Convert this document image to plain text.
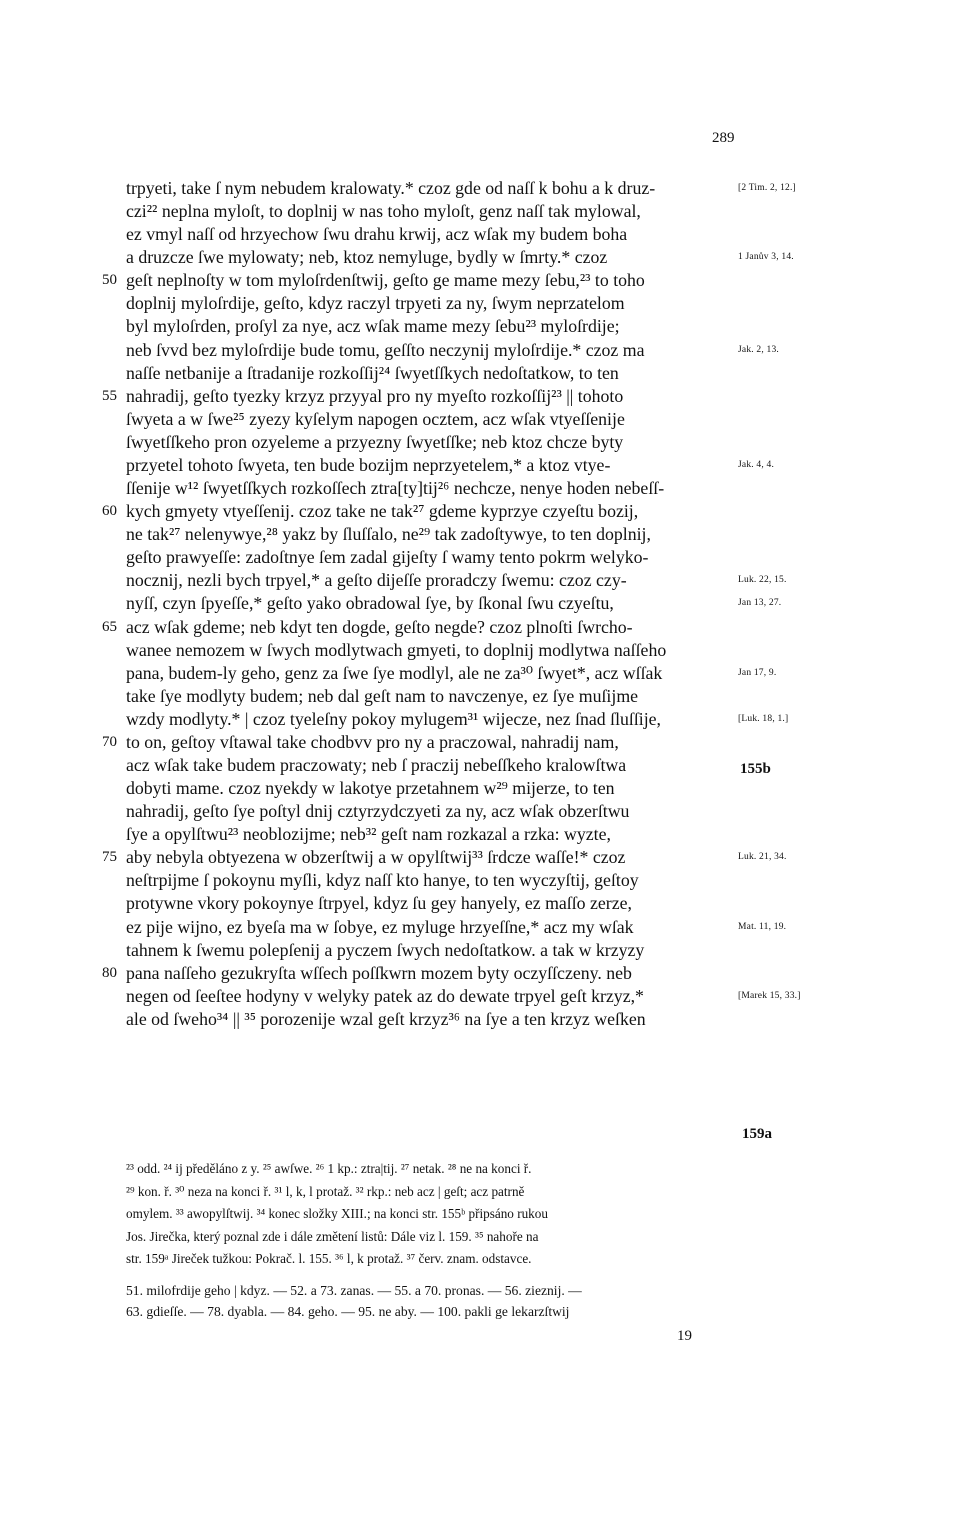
289
trpyeti, take ſ nym nebudem kralowaty.* czoz gde od naſſ k bohu a k druz-
czi²² neplna myloſt, to doplnij w nas toho myloſt, genz naſſ tak mylowal,
ez vmyl naſſ od hrzyechow ſwu drahu krwij, acz wſak my budem boha
a druzcze ſwe mylowaty; neb, ktoz nemyluge, bydly w ſmrty.* czoz
geſt neplnoſty w tom myloſrdenſtwij, geſto ge mame mezy ſebu,²³ to toho
50
doplnij myloſrdije, geſto, kdyz raczyl trpyeti za ny, ſwym neprzatelom
byl myloſrden, proſyl za nye, acz wſak mame mezy ſebu²³ myloſrdije;
neb ſvvd bez myloſrdije bude tomu, geſſto neczynij myloſrdije.* czoz ma
naſſe netbanije a ſtradanije rozkoſſij²⁴ ſwyetſſkych nedoſtatkow, to ten
nahradij, geſto tyezky krzyz przyyal pro ny myeſto rozkoſſij²³ || tohoto
55
ſwyeta a w ſwe²⁵ zyezy kyſelym napogen ocztem, acz wſak vtyeſſenije
ſwyetſſkeho pron ozyeleme a przyezny ſwyetſſke; neb ktoz chcze byty
przyetel tohoto ſwyeta, ten bude bozijm neprzyetelem,* a ktoz vtye-
ſſenije w¹² ſwyetſſkych rozkoſſech ztra[ty]tij²⁶ nechcze, nenye hoden nebeſſ-
kych gmyety vtyeſſenij. czoz take ne tak²⁷ gdeme kyprzye czyeſtu bozij,
60
ne tak²⁷ nelenywye,²⁸ yakz by ſluſſalo, ne²⁹ tak zadoſtywye, to ten doplnij,
geſto prawyeſſe: zadoſtnye ſem zadal gijeſty ſ wamy tento pokrm welyko-
nocznij, nezli bych trpyel,* a geſto dijeſſe proradczy ſwemu: czoz czy-
nyſſ, czyn ſpyeſſe,* geſto yako obradowal ſye, by ſkonal ſwu czyeſtu,
acz wſak gdeme; neb kdyt ten dogde, geſto negde? czoz plnoſti ſwrcho-
65
wanee nemozem w ſwych modlytwach gmyeti, to doplnij modlytwa naſſeho
pana, budem-ly geho, genz za ſwe ſye modlyl, ale ne za³⁰ ſwyet*, acz wſſak
take ſye modlyty budem; neb dal geſt nam to navczenye, ez ſye muſijme
wzdy modlyty.* | czoz tyeleſny pokoy mylugem³¹ wijecze, nez ſnad ſluſſije,
to on, geſtoy vſtawal take chodbvv pro ny a praczowal, nahradij nam,
70
acz wſak take budem praczowaty; neb ſ praczij nebeſſkeho kralowſtwa
dobyti mame. czoz nyekdy w lakotye przetahnem w²⁹ mijerze, to ten
nahradij, geſto ſye poſtyl dnij cztyrzydczyeti za ny, acz wſak obzerſtwu
ſye a opylſtwu²³ neoblozijme; neb³² geſt nam rozkazal a rzka: wyzte,
aby nebyla obtyezena w obzerſtwij a w opylſtwij³³ ſrdcze waſſe!* czoz
75
neſtrpijme ſ pokoynu myſli, kdyz naſſ kto hanye, to ten wyczyſtij, geſtoy
protywne vkory pokoynye ſtrpyel, kdyz ſu gey hanyely, ez maſſo zerze,
ez pije wijno, ez byeſa ma w ſobye, ez myluge hrzyeſſne,* acz my wſak
tahnem k ſwemu polepſenij a pyczem ſwych nedoſtatkow. a tak w krzyzy
pana naſſeho gezukryſta wſſech poſſkwrn mozem byty oczyſſczeny. neb
80
negen od ſeeſtee hodyny v welyky patek az do dewate trpyel geſt krzyz,*
ale od ſweho³⁴ || ³⁵ porozenije wzal geſt krzyz³⁶ na ſye a ten krzyz weſken
[2 Tim. 2, 12.]
1 Janův 3, 14.
Jak. 2, 13.
Jak. 4, 4.
Luk. 22, 15.
Jan 13, 27.
Jan 17, 9.
[Luk. 18, 1.]
Luk. 21, 34.
Mat. 11, 19.
[Marek 15, 33.]
155b
159a
²³ odd. ²⁴ ij předěláno z y. ²⁵ awſwe. ²⁶ 1 kp.: ztra|tij. ²⁷ netak. ²⁸ ne na konci ř.
²⁹ kon. ř. ³⁰ neza na konci ř. ³¹ l, k, l protaž. ³² rkp.: neb acz | geſt; acz patrně
omylem. ³³ awopylſtwij. ³⁴ konec složky XIII.; na konci str. 155ᵇ připsáno rukou
Jos. Jirečka, který poznal zde i dále změtení listů: Dále viz l. 159. ³⁵ nahoře na
str. 159ᵃ Jireček tužkou: Pokrač. l. 155. ³⁶ l, k protaž. ³⁷ červ. znam. odstavce.
51. milofrdije geho | kdyz. — 52. a 73. zanas. — 55. a 70. pronas. — 56. zieznij. —
63. gdieſſe. — 78. dyabla. — 84. geho. — 95. ne aby. — 100. pakli ge lekarzſtwij
19
